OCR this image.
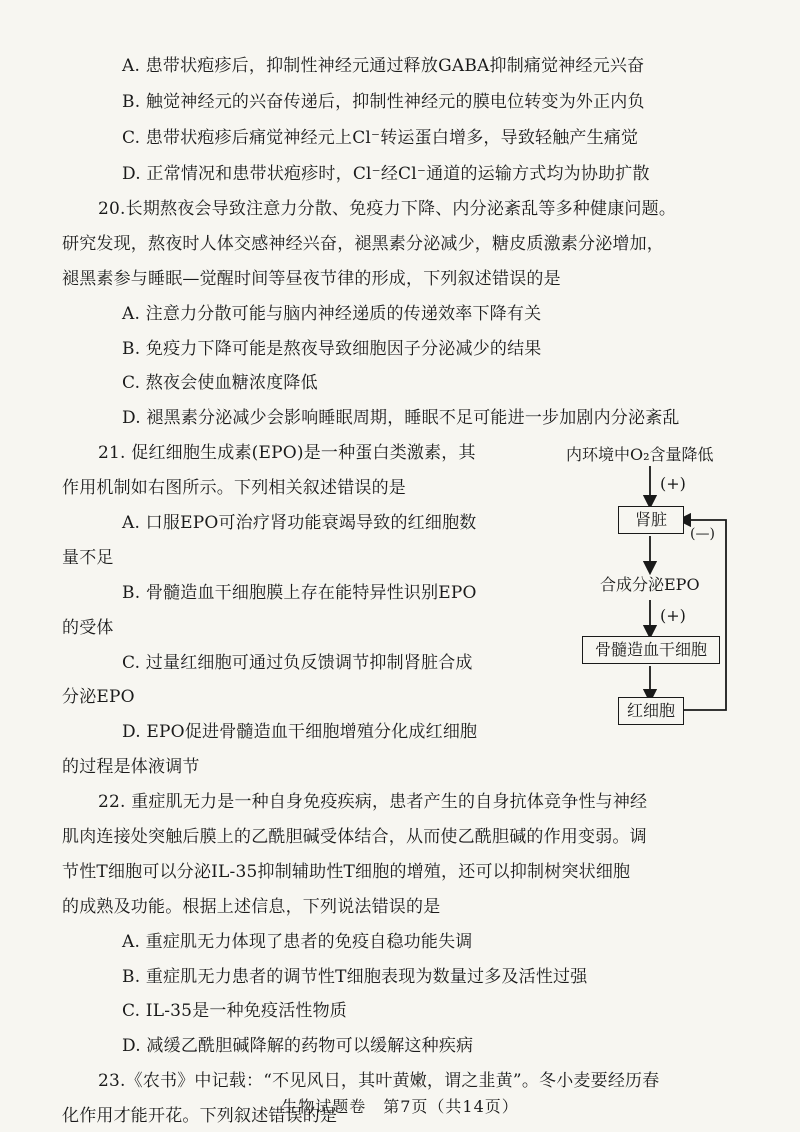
A. 患带状疱疹后，抑制性神经元通过释放GABA抑制痛觉神经元兴奋
B. 触觉神经元的兴奋传递后，抑制性神经元的膜电位转变为外正内负
C. 患带状疱疹后痛觉神经元上Cl⁻转运蛋白增多，导致轻触产生痛觉
D. 正常情况和患带状疱疹时，Cl⁻经Cl⁻通道的运输方式均为协助扩散
20.长期熬夜会导致注意力分散、免疫力下降、内分泌紊乱等多种健康问题。
研究发现，熬夜时人体交感神经兴奋，褪黑素分泌减少，糖皮质激素分泌增加，
褪黑素参与睡眠—觉醒时间等昼夜节律的形成，下列叙述错误的是
A. 注意力分散可能与脑内神经递质的传递效率下降有关
B. 免疫力下降可能是熬夜导致细胞因子分泌减少的结果
C. 熬夜会使血糖浓度降低
D. 褪黑素分泌减少会影响睡眠周期，睡眠不足可能进一步加剧内分泌紊乱
21. 促红细胞生成素(EPO)是一种蛋白类激素，其
作用机制如右图所示。下列相关叙述错误的是
A. 口服EPO可治疗肾功能衰竭导致的红细胞数
量不足
B. 骨髓造血干细胞膜上存在能特异性识别EPO
的受体
C. 过量红细胞可通过负反馈调节抑制肾脏合成
分泌EPO
D. EPO促进骨髓造血干细胞增殖分化成红细胞
的过程是体液调节
22. 重症肌无力是一种自身免疫疾病，患者产生的自身抗体竞争性与神经
肌肉连接处突触后膜上的乙酰胆碱受体结合，从而使乙酰胆碱的作用变弱。调
节性T细胞可以分泌IL-35抑制辅助性T细胞的增殖，还可以抑制树突状细胞
的成熟及功能。根据上述信息，下列说法错误的是
A. 重症肌无力体现了患者的免疫自稳功能失调
B. 重症肌无力患者的调节性T细胞表现为数量过多及活性过强
C. IL-35是一种免疫活性物质
D. 减缓乙酰胆碱降解的药物可以缓解这种疾病
23.《农书》中记载：“不见风日，其叶黄嫩，谓之韭黄”。冬小麦要经历春
化作用才能开花。下列叙述错误的是
内环境中O₂含量降低
(+)
肾脏
(—)
合成分泌EPO
(+)
骨髓造血干细胞
红细胞
生物试题卷　第7页（共14页）
